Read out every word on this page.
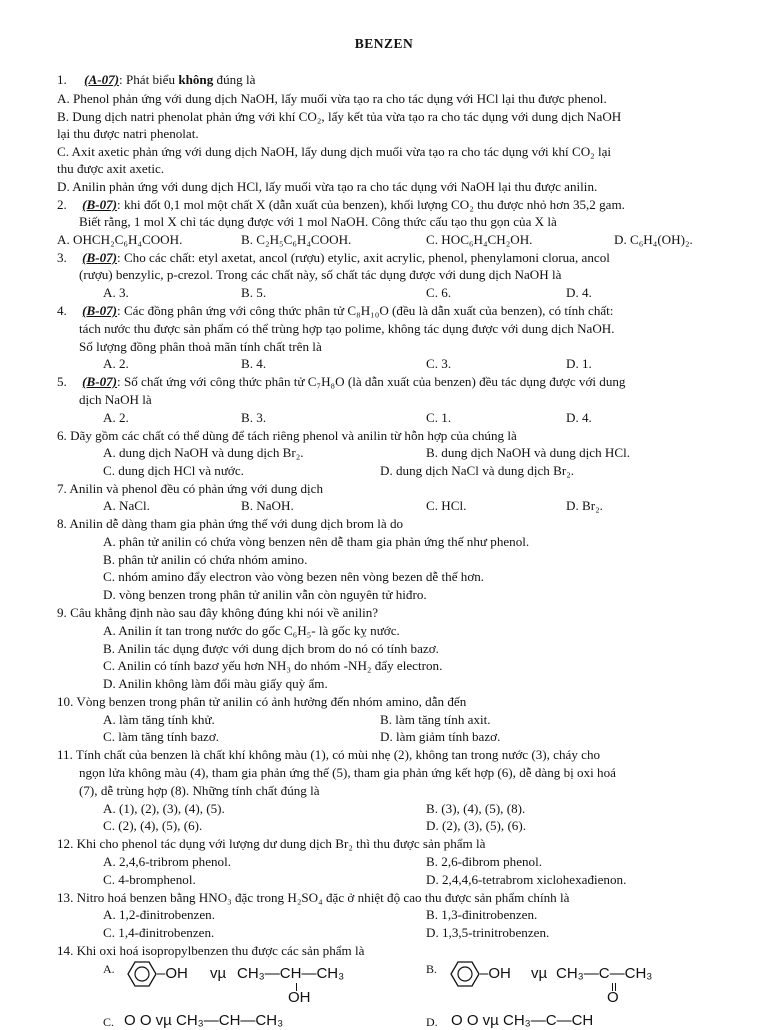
BENZEN
1. (A-07): Phát biểu không đúng là
A. Phenol phản ứng với dung dịch NaOH, lấy muối vừa tạo ra cho tác dụng với HCl lại thu được phenol.
B. Dung dịch natri phenolat phản ứng với khí CO₂, lấy kết tủa vừa tạo ra cho tác dụng với dung dịch NaOH
lại thu được natri phenolat.
C. Axit axetic phản ứng với dung dịch NaOH, lấy dung dịch muối vừa tạo ra cho tác dụng với khí CO₂ lại
thu được axit axetic.
D. Anilin phản ứng với dung dịch HCl, lấy muối vừa tạo ra cho tác dụng với NaOH lại thu được anilin.
2. (B-07): khi đốt 0,1 mol một chất X (dẫn xuất của benzen), khối lượng CO₂ thu được nhỏ hơn 35,2 gam.
Biết rằng, 1 mol X chỉ tác dụng được với 1 mol NaOH. Công thức cấu tạo thu gọn của X là
A. OHCH₂C₆H₄COOH.	B. C₂H₅C₆H₄COOH.	C. HOC₆H₄CH₂OH.	D. C₆H₄(OH)₂.
3. (B-07): Cho các chất: etyl axetat, ancol (rượu) etylic, axit acrylic, phenol, phenylamoni clorua, ancol
(rượu) benzylic, p-crezol. Trong các chất này, số chất tác dụng được với dung dịch NaOH là
A. 3.	B. 5.	C. 6.	D. 4.
4. (B-07): Các đồng phân ứng với công thức phân tử C₈H₁₀O (đều là dẫn xuất của benzen), có tính chất:
tách nước thu được sản phẩm có thể trùng hợp tạo polime, không tác dụng được với dung dịch NaOH.
Số lượng đồng phân thoả mãn tính chất trên là
A. 2.	B. 4.	C. 3.	D. 1.
5. (B-07): Số chất ứng với công thức phân tử C₇H₈O (là dẫn xuất của benzen) đều tác dụng được với dung
dịch NaOH là
A. 2.	B. 3.	C. 1.	D. 4.
6. Dãy gồm các chất có thể dùng để tách riêng phenol và anilin từ hỗn hợp của chúng là
A. dung dịch NaOH và dung dịch Br₂.	B. dung dịch NaOH và dung dịch HCl.
C. dung dịch HCl và nước.	D. dung dịch NaCl và dung dịch Br₂.
7. Anilin và phenol đều có phản ứng với dung dịch
A. NaCl.	B. NaOH.	C. HCl.	D. Br₂.
8. Anilin dễ dàng tham gia phản ứng thế với dung dịch brom là do
A. phân tử anilin có chứa vòng benzen nên dễ tham gia phản ứng thế như phenol.
B. phân tử anilin có chứa nhóm amino.
C. nhóm amino đẩy electron vào vòng bezen nên vòng bezen dễ thế hơn.
D. vòng benzen trong phân tử anilin vẫn còn nguyên tử hiđro.
9. Câu khẳng định nào sau đây không đúng khi nói về anilin?
A. Anilin ít tan trong nước do gốc C₆H₅- là gốc kỵ nước.
B. Anilin tác dụng được với dung dịch brom do nó có tính bazơ.
C. Anilin có tính bazơ yếu hơn NH₃ do nhóm -NH₂ đẩy electron.
D. Anilin không làm đổi màu giấy quỳ ẩm.
10. Vòng benzen trong phân tử anilin có ảnh hưởng đến nhóm amino, dẫn đến
A. làm tăng tính khử.	B. làm tăng tính axit.
C. làm tăng tính bazơ.	D. làm giảm tính bazơ.
11. Tính chất của benzen là chất khí không màu (1), có mùi nhẹ (2), không tan trong nước (3), cháy cho
ngọn lửa không màu (4), tham gia phản ứng thế (5), tham gia phản ứng kết hợp (6), dễ dàng bị oxi hoá
(7), dễ trùng hợp (8). Những tính chất đúng là
A. (1), (2), (3), (4), (5).	B. (3), (4), (5), (8).
C. (2), (4), (5), (6).	D. (2), (3), (5), (6).
12. Khi cho phenol tác dụng với lượng dư dung dịch Br₂ thì thu được sản phẩm là
A. 2,4,6-tribrom phenol.	B. 2,6-đibrom phenol.
C. 4-bromphenol.	D. 2,4,4,6-tetrabrom xiclohexađienon.
13. Nitro hoá benzen bằng HNO₃ đặc trong H₂SO₄ đặc ở nhiệt độ cao thu được sản phẩm chính là
A. 1,2-đinitrobenzen.	B. 1,3-đinitrobenzen.
C. 1,4-đinitrobenzen.	D. 1,3,5-trinitrobenzen.
14. Khi oxi hoá isopropylbenzen thu được các sản phẩm là
A.	–OH vµ CH₃—CH—CH₃
OH
B.	–OH vµ CH₃—C—CH₃
O
C. O O vµ CH₃—CH—CH₃	D. O O vµ CH₃—C—CH
